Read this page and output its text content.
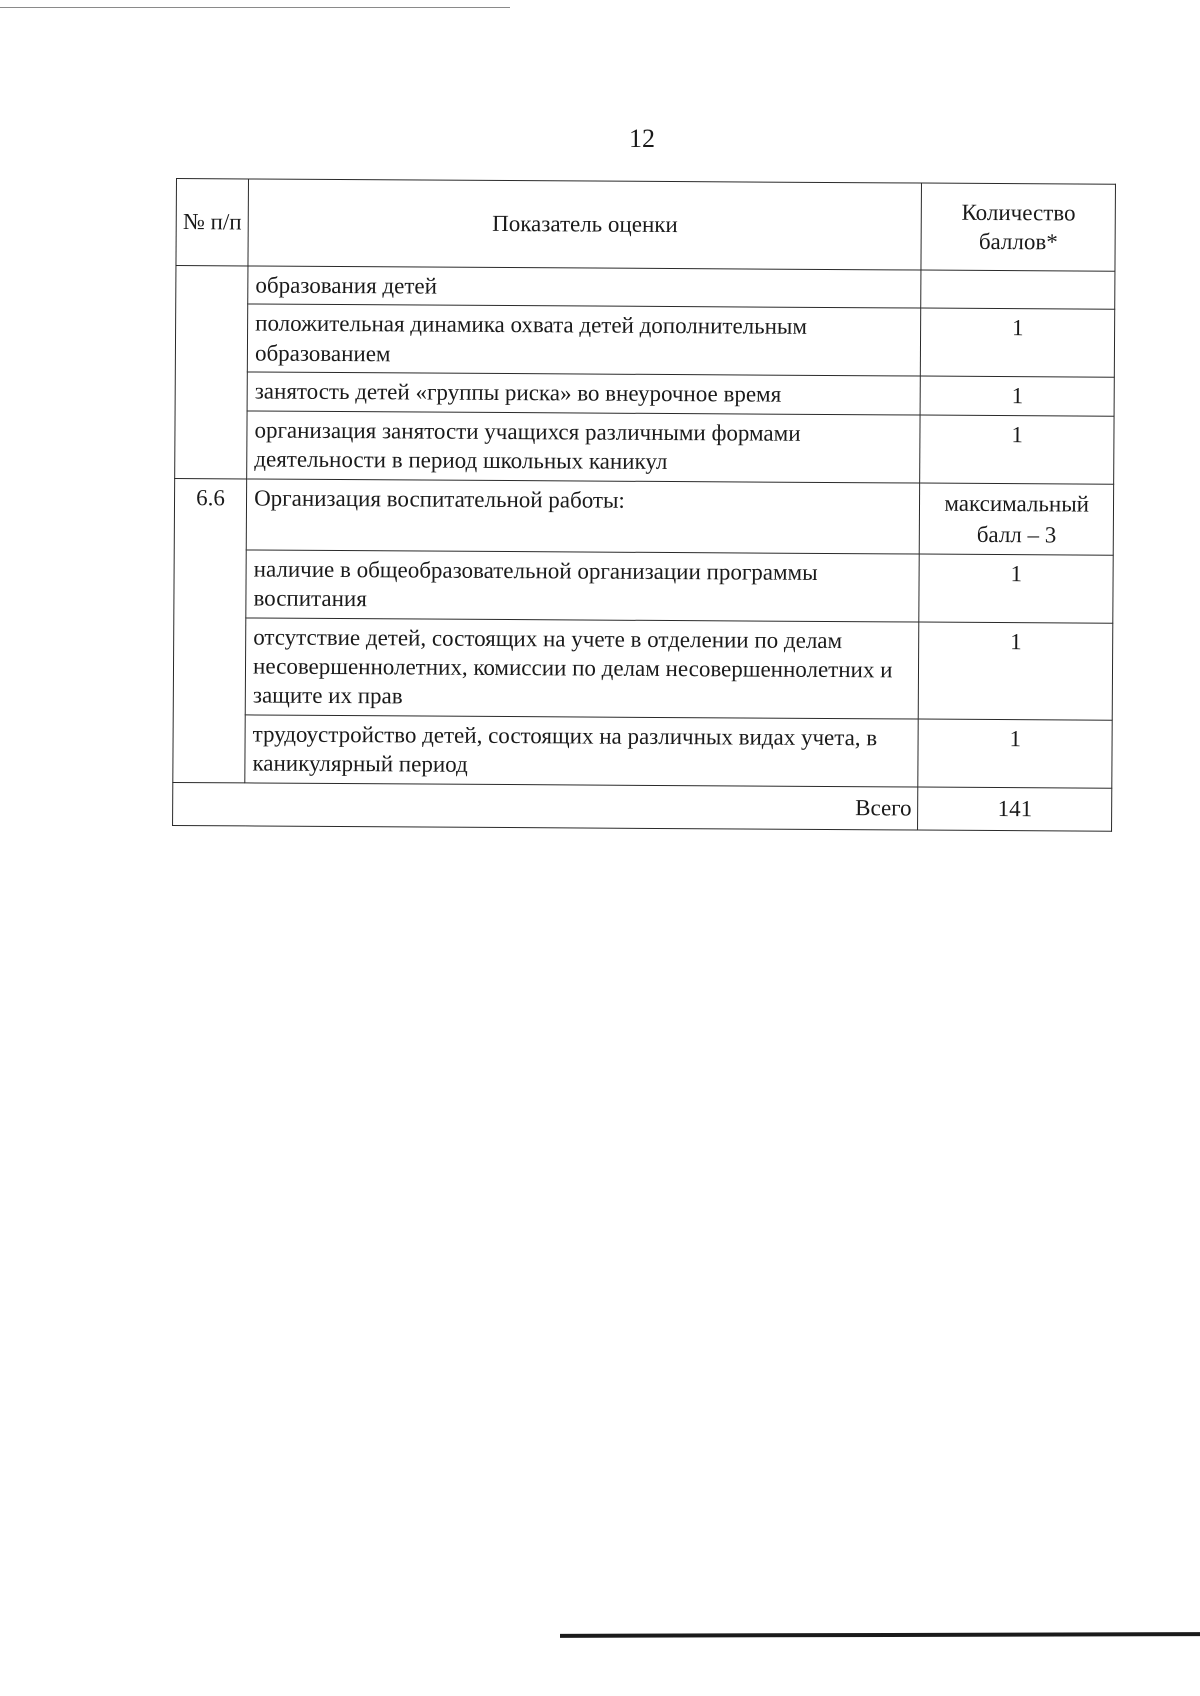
12
№ п/п	Показатель оценки	Количество баллов*
	образования детей	
	положительная динамика охвата детей дополнительным образованием	1
	занятость детей «группы риска» во внеурочное время	1
	организация занятости учащихся различными формами деятельности в период школьных каникул	1
6.6	Организация воспитательной работы:	максимальный балл – 3
	наличие в общеобразовательной организации программы воспитания	1
	отсутствие детей, состоящих на учете в отделении по делам несовершеннолетних, комиссии по делам несовершеннолетних и защите их прав	1
	трудоустройство детей, состоящих на различных видах учета, в каникулярный период	1
Всего		141
